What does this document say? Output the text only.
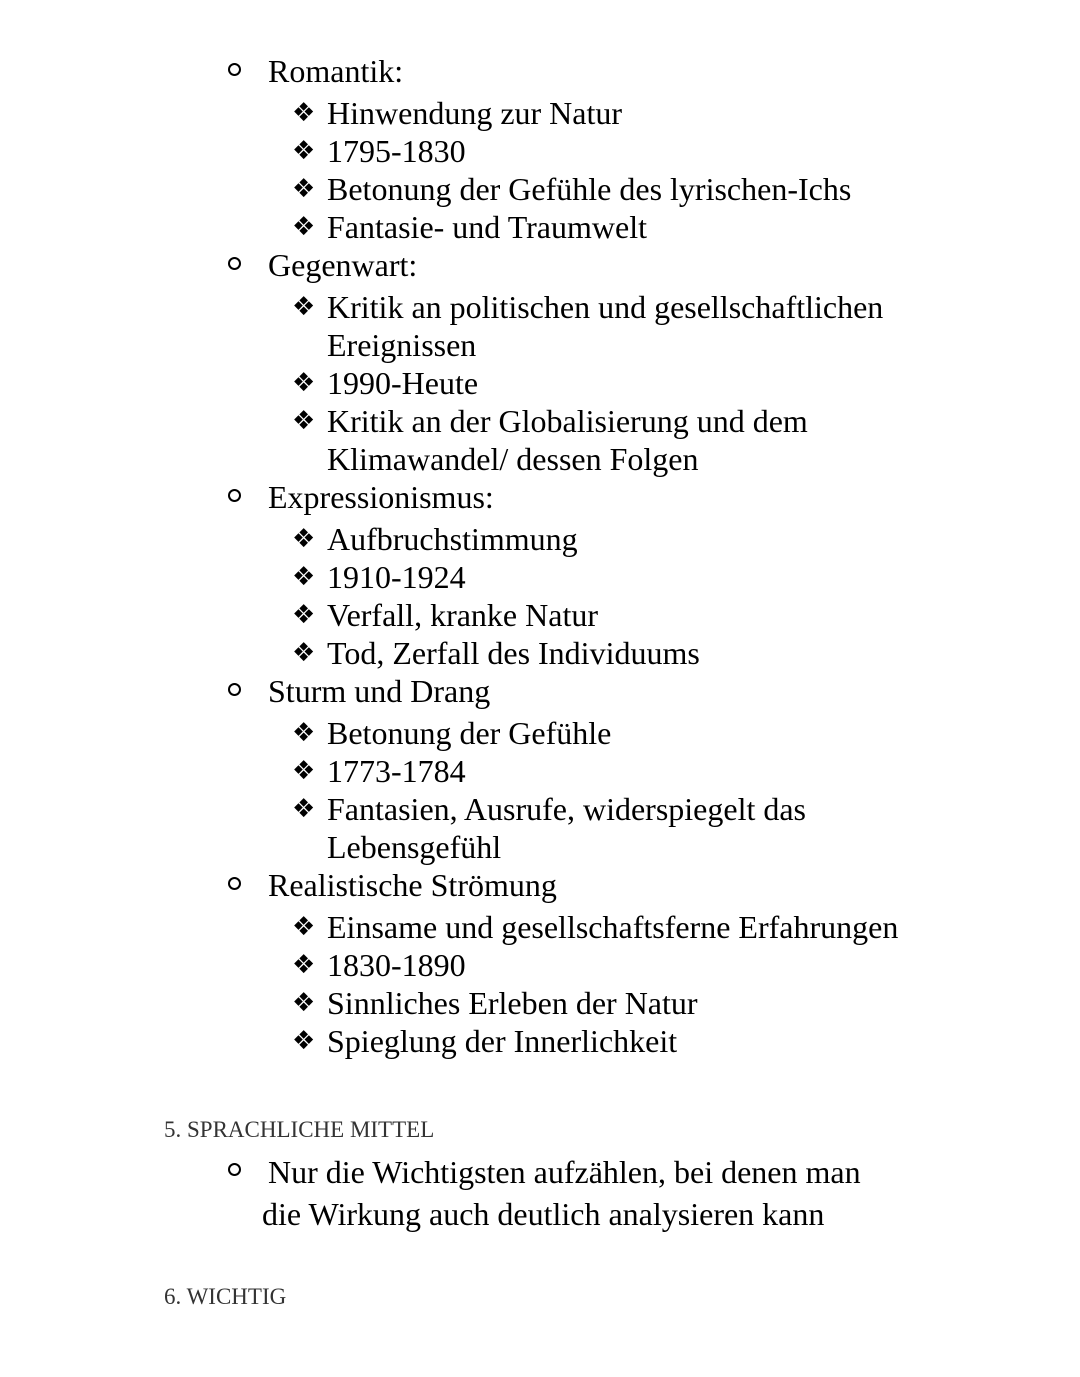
Romantik:
❖ Hinwendung zur Natur
❖ 1795-1830
❖ Betonung der Gefühle des lyrischen-Ichs
❖ Fantasie- und Traumwelt
Gegenwart:
❖ Kritik an politischen und gesellschaftlichen Ereignissen
❖ 1990-Heute
❖ Kritik an der Globalisierung und dem Klimawandel/ dessen Folgen
Expressionismus:
❖ Aufbruchstimmung
❖ 1910-1924
❖ Verfall, kranke Natur
❖ Tod, Zerfall des Individuums
Sturm und Drang
❖ Betonung der Gefühle
❖ 1773-1784
❖ Fantasien, Ausrufe, widerspiegelt das Lebensgefühl
Realistische Strömung
❖ Einsame und gesellschaftsferne Erfahrungen
❖ 1830-1890
❖ Sinnliches Erleben der Natur
❖ Spieglung der Innerlichkeit
5. SPRACHLICHE MITTEL
Nur die Wichtigsten aufzählen, bei denen man die Wirkung auch deutlich analysieren kann
6. WICHTIG
